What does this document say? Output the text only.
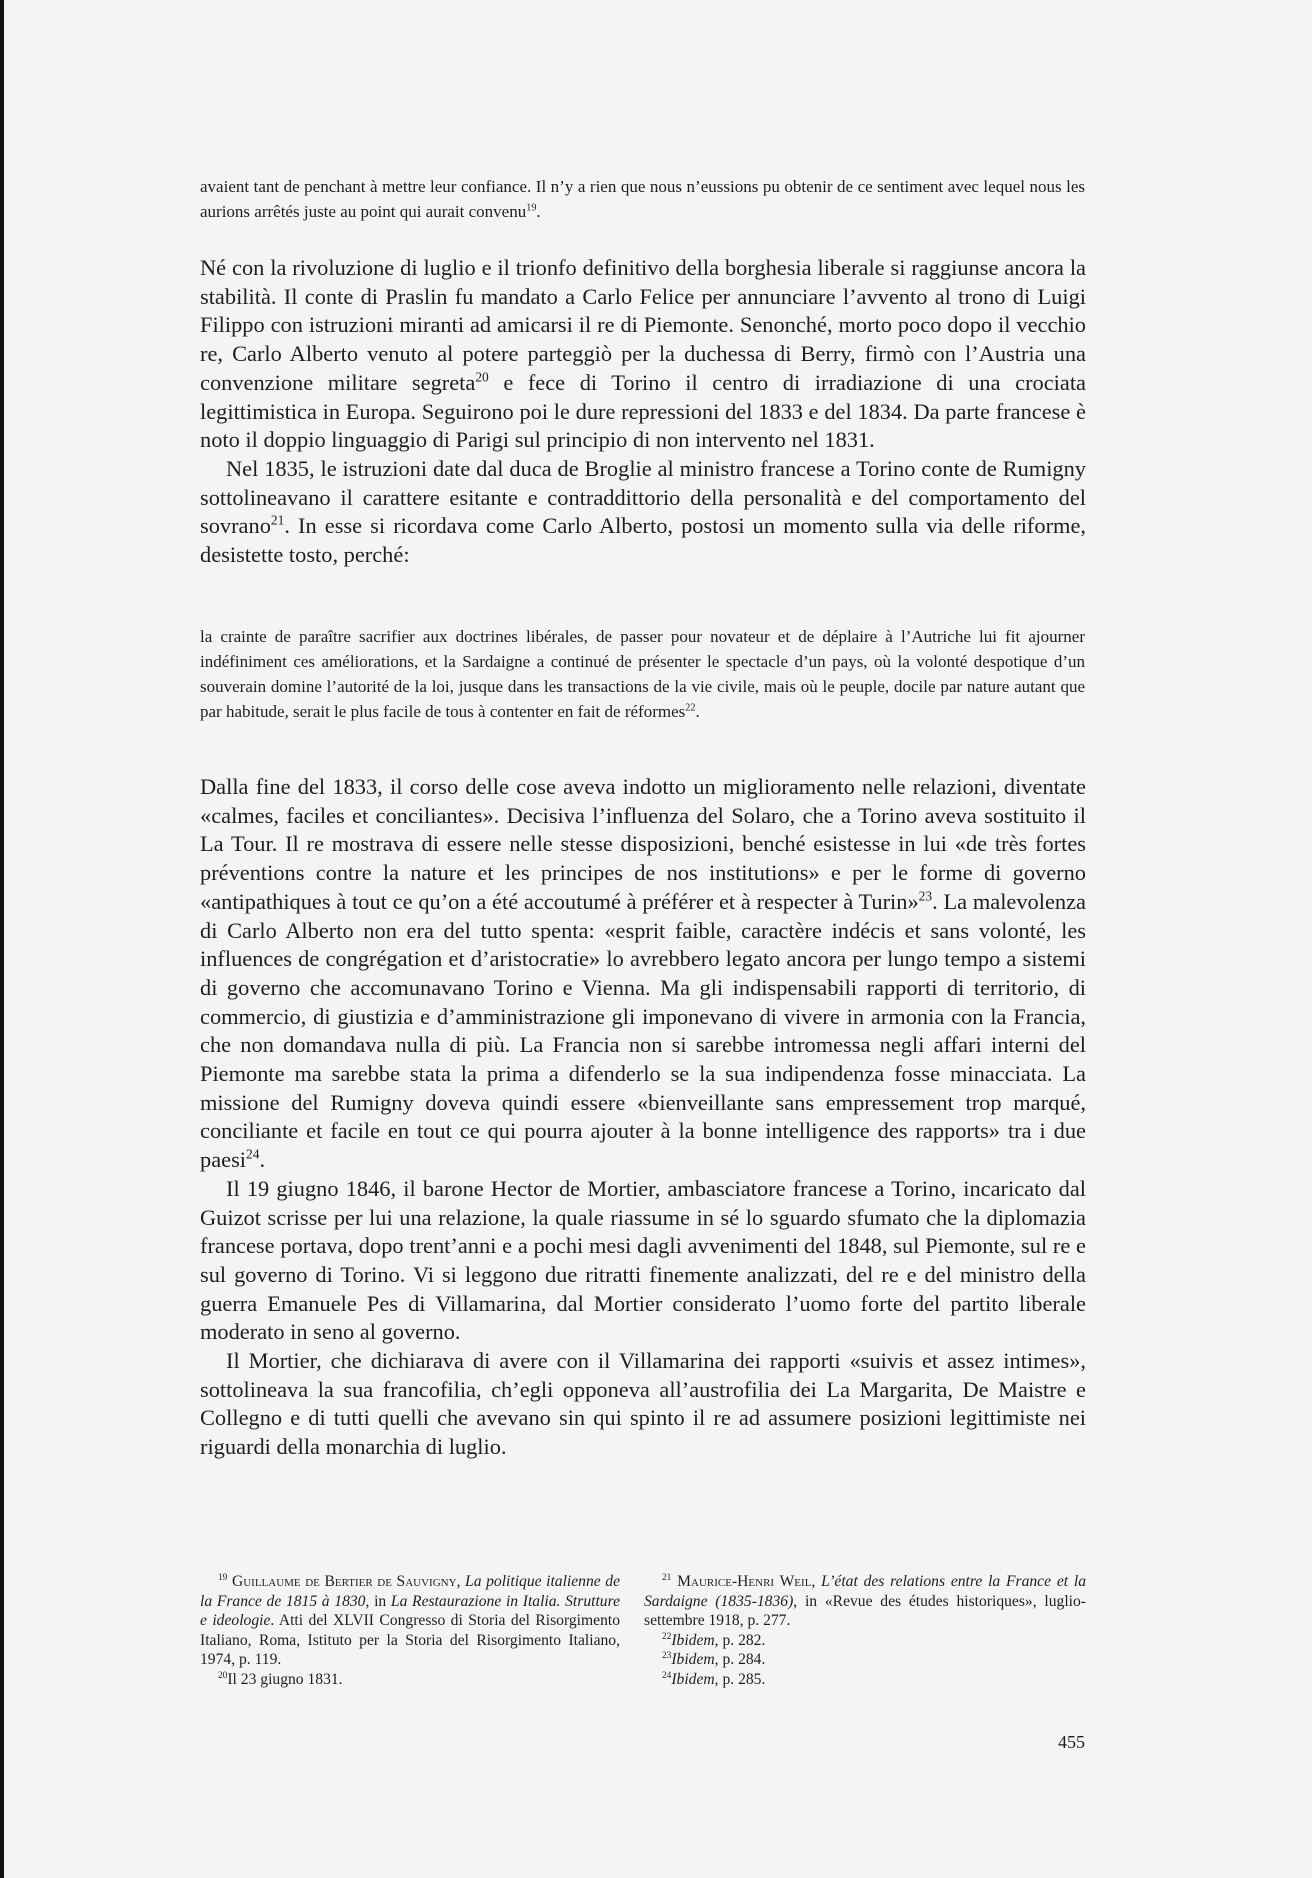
avaient tant de penchant à mettre leur confiance. Il n’y a rien que nous n’eussions pu obtenir de ce sentiment avec lequel nous les aurions arrêtés juste au point qui aurait convenu$^{19}$.

Né con la rivoluzione di luglio e il trionfo definitivo della borghesia liberale si raggiunse ancora la stabilità. Il conte di Praslin fu mandato a Carlo Felice per annunciare l’avvento al trono di Luigi Filippo con istruzioni miranti ad amicarsi il re di Piemonte. Senonché, morto poco dopo il vecchio re, Carlo Alberto venuto al potere parteggiò per la duchessa di Berry, firmò con l’Austria una convenzione militare segreta$^{20}$ e fece di Torino il centro di irradiazione di una crociata legittimistica in Europa. Seguirono poi le dure repressioni del 1833 e del 1834. Da parte francese è noto il doppio linguaggio di Parigi sul principio di non intervento nel 1831.

Nel 1835, le istruzioni date dal duca de Broglie al ministro francese a Torino conte de Rumigny sottolineavano il carattere esitante e contraddittorio della personalità e del comportamento del sovrano$^{21}$. In esse si ricordava come Carlo Alberto, postosi un momento sulla via delle riforme, desistette tosto, perché:

la crainte de paraître sacrifier aux doctrines libérales, de passer pour novateur et de déplaire à l’Autriche lui fit ajourner indéfiniment ces améliorations, et la Sardaigne a continué de présenter le spectacle d’un pays, où la volonté despotique d’un souverain domine l’autorité de la loi, jusque dans les transactions de la vie civile, mais où le peuple, docile par nature autant que par habitude, serait le plus facile de tous à contenter en fait de réformes$^{22}$.

Dalla fine del 1833, il corso delle cose aveva indotto un miglioramento nelle relazioni, diventate «calmes, faciles et conciliantes». Decisiva l’influenza del Solaro, che a Torino aveva sostituito il La Tour. Il re mostrava di essere nelle stesse disposizioni, benché esistesse in lui «de très fortes préventions contre la nature et les principes de nos institutions» e per le forme di governo «antipathiques à tout ce qu’on a été accoutumé à préférer et à respecter à Turin»$^{23}$. La malevolenza di Carlo Alberto non era del tutto spenta: «esprit faible, caractère indécis et sans volonté, les influences de congrégation et d’aristocratie» lo avrebbero legato ancora per lungo tempo a sistemi di governo che accomunavano Torino e Vienna. Ma gli indispensabili rapporti di territorio, di commercio, di giustizia e d’amministrazione gli imponevano di vivere in armonia con la Francia, che non domandava nulla di più. La Francia non si sarebbe intromessa negli affari interni del Piemonte ma sarebbe stata la prima a difenderlo se la sua indipendenza fosse minacciata. La missione del Rumigny doveva quindi essere «bienveillante sans empressement trop marqué, conciliante et facile en tout ce qui pourra ajouter à la bonne intelligence des rapports» tra i due paesi$^{24}$.

Il 19 giugno 1846, il barone Hector de Mortier, ambasciatore francese a Torino, incaricato dal Guizot scrisse per lui una relazione, la quale riassume in sé lo sguardo sfumato che la diplomazia francese portava, dopo trent’anni e a pochi mesi dagli avvenimenti del 1848, sul Piemonte, sul re e sul governo di Torino. Vi si leggono due ritratti finemente analizzati, del re e del ministro della guerra Emanuele Pes di Villamarina, dal Mortier considerato l’uomo forte del partito liberale moderato in seno al governo.

Il Mortier, che dichiarava di avere con il Villamarina dei rapporti «suivis et assez intimes», sottolineava la sua francofilia, ch’egli opponeva all’austrofilia dei La Margarita, De Maistre e Collegno e di tutti quelli che avevano sin qui spinto il re ad assumere posizioni legittimiste nei riguardi della monarchia di luglio.

$^{19}$ Guillaume de Bertier de Sauvigny, La politique italienne de la France de 1815 à 1830, in La Restaurazione in Italia. Strutture e ideologie. Atti del XLVII Congresso di Storia del Risorgimento Italiano, Roma, Istituto per la Storia del Risorgimento Italiano, 1974, p. 119.

$^{20}$Il 23 giugno 1831.

$^{21}$ Maurice-Henri Weil, L’état des relations entre la France et la Sardaigne (1835-1836), in «Revue des études historiques», luglio-settembre 1918, p. 277.

$^{22}$Ibidem, p. 282.

$^{23}$Ibidem, p. 284.

$^{24}$Ibidem, p. 285.

455
